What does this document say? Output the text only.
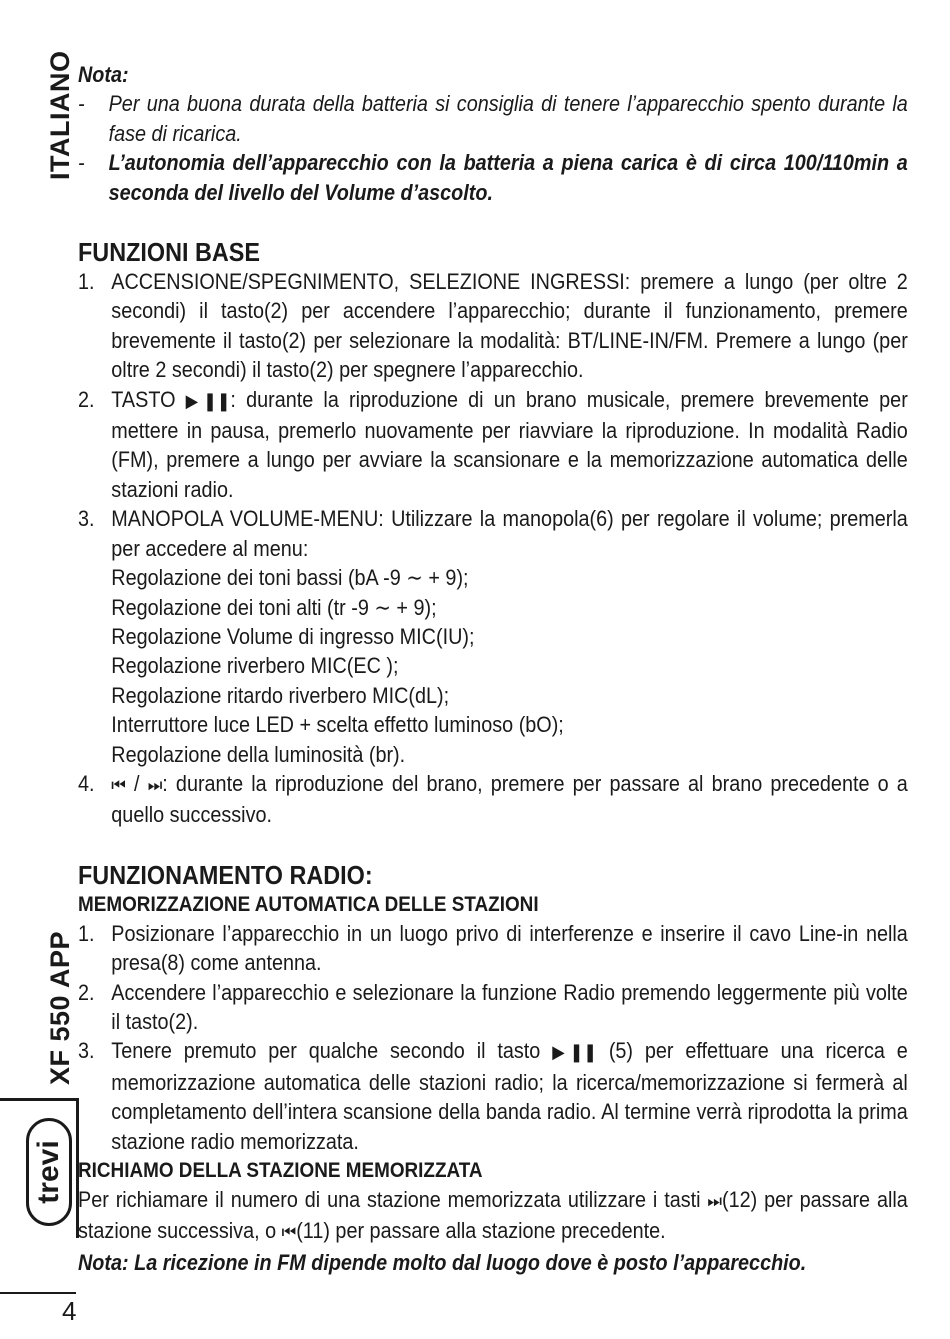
ITALIANO
XF 550 APP
trevi
4
Nota:
-	Per una buona durata della batteria si consiglia di tenere l’apparecchio spento durante la fase di ricarica.
-	L’autonomia dell’apparecchio con la batteria a piena carica è di circa 100/110min a seconda del livello del Volume d’ascolto.
FUNZIONI BASE
1. ACCENSIONE/SPEGNIMENTO, SELEZIONE INGRESSI: premere a lungo (per oltre 2 secondi) il tasto(2) per accendere l’apparecchio; durante il funzionamento, premere brevemente il tasto(2) per selezionare la modalità: BT/LINE-IN/FM. Premere a lungo (per oltre 2 secondi) il tasto(2) per spegnere l’apparecchio.
2. TASTO ▶ ❚❚: durante la riproduzione di un brano musicale, premere brevemente per mettere in pausa, premerlo nuovamente per riavviare la riproduzione. In modalità Radio (FM), premere a lungo per avviare la scansionare e la memorizzazione automatica delle stazioni radio.
3. MANOPOLA VOLUME-MENU: Utilizzare la manopola(6) per regolare il volume; premerla per accedere al menu:
Regolazione dei toni bassi (bA -9 ∼ + 9);
Regolazione dei toni alti (tr -9 ∼ + 9);
Regolazione Volume di ingresso MIC(IU);
Regolazione riverbero MIC(EC );
Regolazione ritardo riverbero MIC(dL);
Interruttore luce LED + scelta effetto luminoso (bO);
Regolazione della luminosità (br).
4. ⏮ / ⏭: durante la riproduzione del brano, premere per passare al brano precedente o a quello successivo.
FUNZIONAMENTO RADIO:
MEMORIZZAZIONE AUTOMATICA DELLE STAZIONI
1. Posizionare l’apparecchio in un luogo privo di interferenze e inserire il cavo Line-in nella presa(8) come antenna.
2. Accendere l’apparecchio e selezionare la funzione Radio premendo leggermente più volte il tasto(2).
3. Tenere premuto per qualche secondo il tasto ▶ ❚❚ (5) per effettuare una ricerca e memorizzazione automatica delle stazioni radio; la ricerca/memorizzazione si fermerà al completamento dell’intera scansione della banda radio. Al termine verrà riprodotta la prima stazione radio memorizzata.
RICHIAMO DELLA STAZIONE MEMORIZZATA
Per richiamare il numero di una stazione memorizzata utilizzare i tasti ⏭(12) per passare alla stazione successiva, o ⏮(11) per passare alla stazione precedente.
Nota: La ricezione in FM dipende molto dal luogo dove è posto l’apparecchio.
